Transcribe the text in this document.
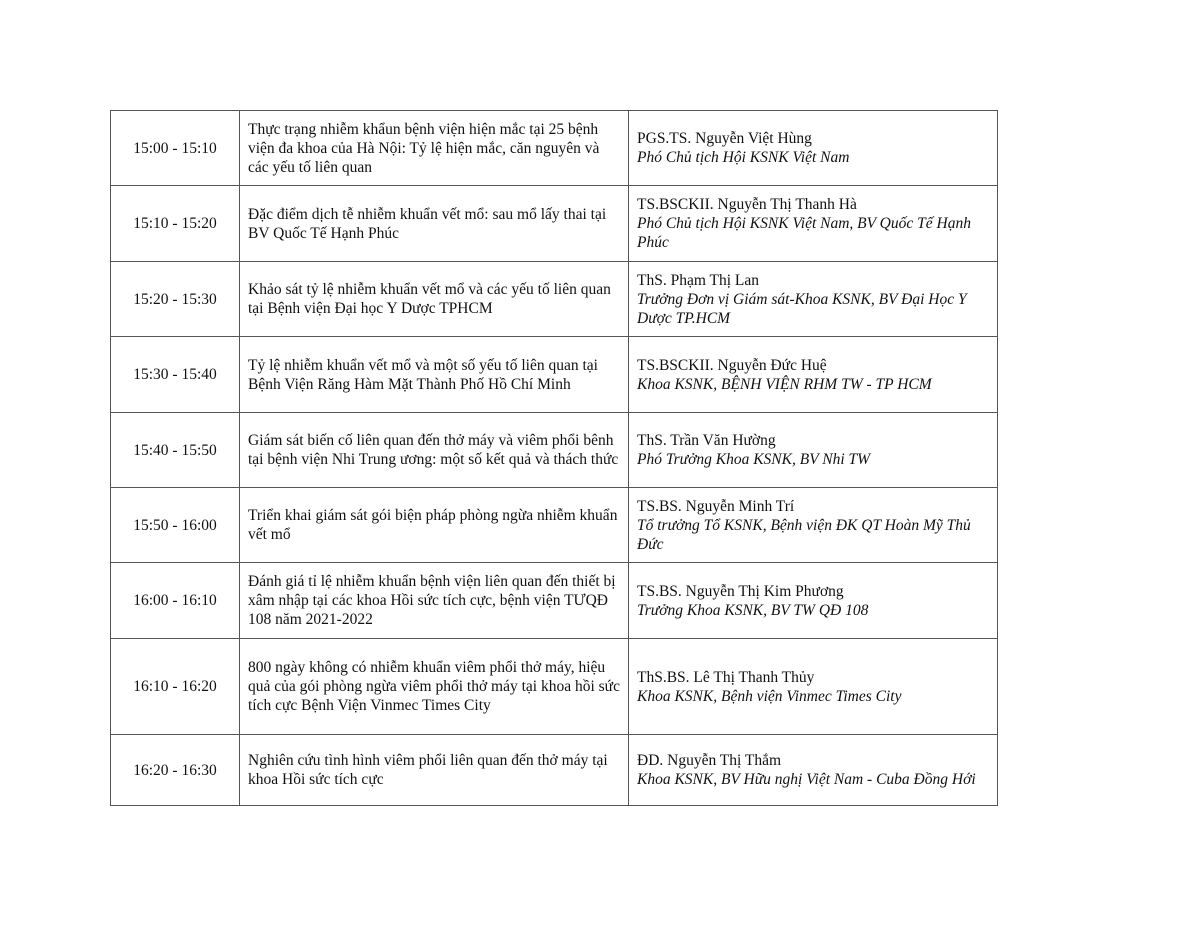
15:00 - 15:10	Thực trạng nhiễm khẩun bệnh viện hiện mắc tại 25 bệnh viện đa khoa của Hà Nội: Tỷ lệ hiện mắc, căn nguyên và các yếu tố liên quan	PGS.TS. Nguyễn Việt Hùng
Phó Chủ tịch Hội KSNK Việt Nam

15:10 - 15:20	Đặc điểm dịch tễ nhiễm khuẩn vết mổ: sau mổ lấy thai tại BV Quốc Tế Hạnh Phúc	TS.BSCKII. Nguyễn Thị Thanh Hà
Phó Chủ tịch Hội KSNK Việt Nam, BV Quốc Tế Hạnh Phúc

15:20 - 15:30	Khảo sát tỷ lệ nhiễm khuẩn vết mổ và các yếu tố liên quan tại Bệnh viện Đại học Y Dược TPHCM	ThS. Phạm Thị Lan
Trưởng Đơn vị Giám sát-Khoa KSNK, BV Đại Học Y Dược TP.HCM

15:30 - 15:40	Tỷ lệ nhiễm khuẩn vết mổ và một số yếu tố liên quan tại Bệnh Viện Răng Hàm Mặt Thành Phố Hồ Chí Minh	TS.BSCKII. Nguyễn Đức Huệ
Khoa KSNK, BỆNH VIỆN RHM TW - TP HCM

15:40 - 15:50	Giám sát biến cố liên quan đến thở máy và viêm phổi bênh tại bệnh viện Nhi Trung ương: một số kết quả và thách thức	ThS. Trần Văn Hường
Phó Trưởng Khoa KSNK, BV Nhi TW

15:50 - 16:00	Triển khai giám sát gói biện pháp phòng ngừa nhiễm khuẩn vết mổ	TS.BS. Nguyễn Minh Trí
Tổ trưởng Tổ KSNK, Bệnh viện ĐK QT Hoàn Mỹ Thủ Đức

16:00 - 16:10	Đánh giá tỉ lệ nhiễm khuẩn bệnh viện liên quan đến thiết bị xâm nhập tại các khoa Hồi sức tích cực, bệnh viện TƯQĐ 108 năm 2021-2022	TS.BS. Nguyễn Thị Kim Phương
Trưởng Khoa KSNK, BV TW QĐ 108

16:10 - 16:20	800 ngày không có nhiễm khuẩn viêm phổi thở máy, hiệu quả của gói phòng ngừa viêm phổi thở máy tại khoa hồi sức tích cực Bệnh Viện Vinmec Times City	ThS.BS. Lê Thị Thanh Thủy
Khoa KSNK, Bệnh viện Vinmec Times City

16:20 - 16:30	Nghiên cứu tình hình viêm phổi liên quan đến thở máy tại khoa Hồi sức tích cực	ĐD. Nguyễn Thị Thắm
Khoa KSNK, BV Hữu nghị Việt Nam - Cuba Đồng Hới
